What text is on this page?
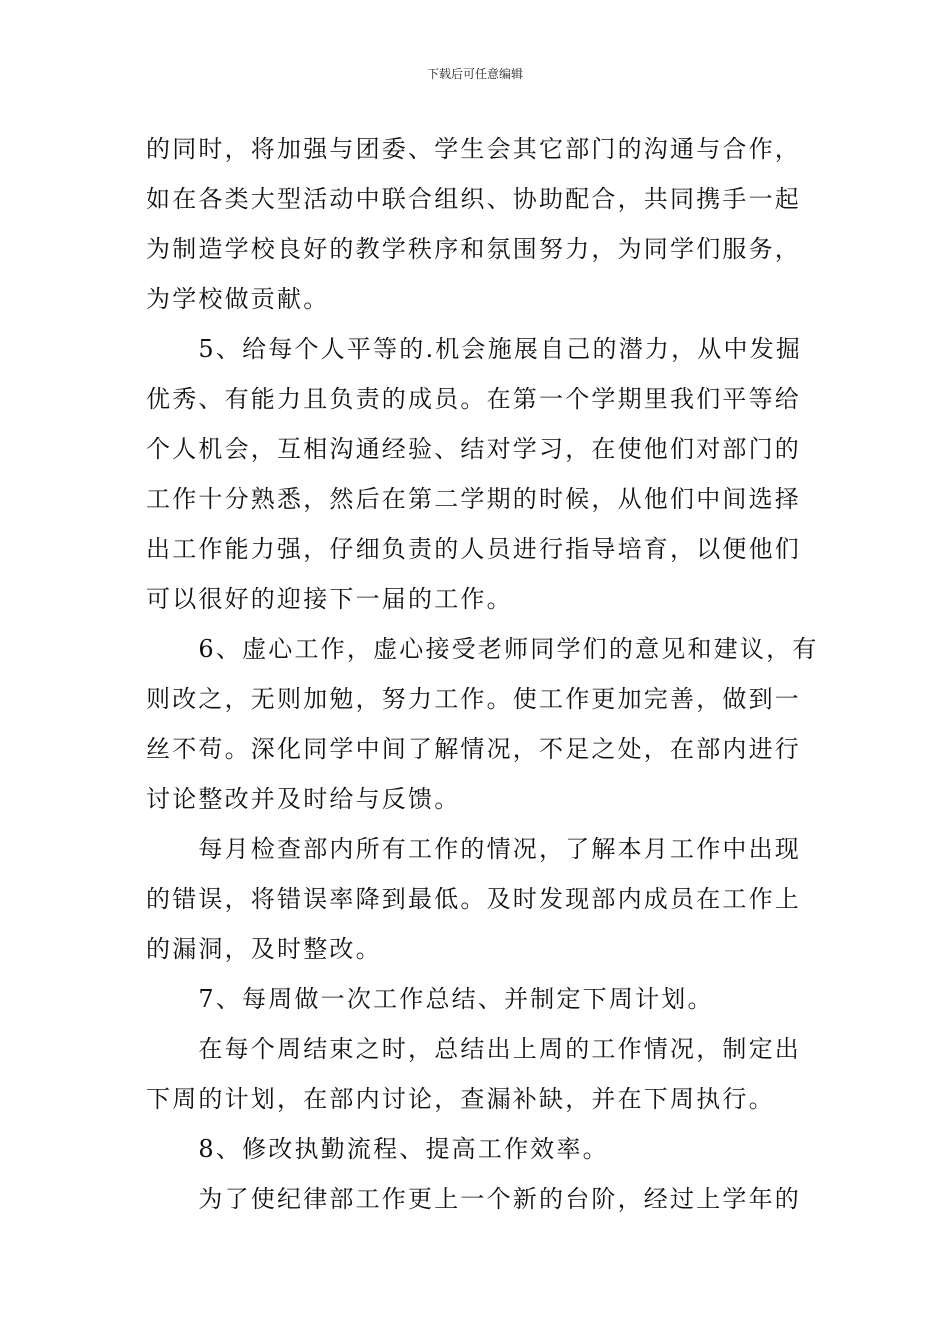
下载后可任意编辑
的同时，将加强与团委、学生会其它部门的沟通与合作，
如在各类大型活动中联合组织、协助配合，共同携手一起
为制造学校良好的教学秩序和氛围努力，为同学们服务，
为学校做贡献。
　　5、给每个人平等的.机会施展自己的潜力，从中发掘
优秀、有能力且负责的成员。在第一个学期里我们平等给
个人机会，互相沟通经验、结对学习，在使他们对部门的
工作十分熟悉，然后在第二学期的时候，从他们中间选择
出工作能力强，仔细负责的人员进行指导培育，以便他们
可以很好的迎接下一届的工作。
　　6、虚心工作，虚心接受老师同学们的意见和建议，有
则改之，无则加勉，努力工作。使工作更加完善，做到一
丝不苟。深化同学中间了解情况，不足之处，在部内进行
讨论整改并及时给与反馈。
　　每月检查部内所有工作的情况，了解本月工作中出现
的错误，将错误率降到最低。及时发现部内成员在工作上
的漏洞，及时整改。
　　7、每周做一次工作总结、并制定下周计划。
　　在每个周结束之时，总结出上周的工作情况，制定出
下周的计划，在部内讨论，查漏补缺，并在下周执行。
　　8、修改执勤流程、提高工作效率。
　　为了使纪律部工作更上一个新的台阶，经过上学年的
